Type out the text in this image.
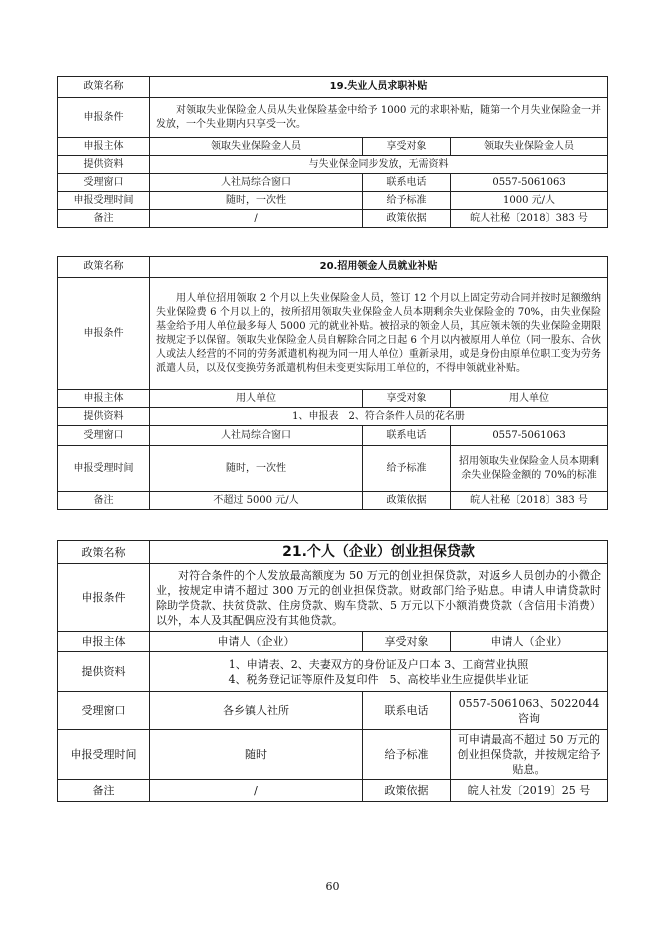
政策名称	19.失业人员求职补贴		
申报条件	对领取失业保险金人员从失业保险基金中给予 1000 元的求职补贴，随第一个月失业保险金一并发放，一个失业期内只享受一次。		
申报主体	领取失业保险金人员	享受对象	领取失业保险金人员
提供资料	与失业保金同步发放，无需资料		
受理窗口	人社局综合窗口	联系电话	0557-5061063
申报受理时间	随时，一次性	给予标准	1000 元/人
备注	/	政策依据	皖人社秘〔2018〕383 号
政策名称	20.招用领金人员就业补贴		
申报条件	用人单位招用领取 2 个月以上失业保险金人员，签订 12 个月以上固定劳动合同并按时足额缴纳失业保险费 6 个月以上的，按所招用领取失业保险金人员本期剩余失业保险金的 70%，由失业保险基金给予用人单位最多每人 5000 元的就业补贴。被招录的领金人员，其应领未领的失业保险金期限按规定予以保留。领取失业保险金人员自解除合同之日起 6 个月以内被原用人单位（同一股东、合伙人或法人经营的不同的劳务派遣机构视为同一用人单位）重新录用，或是身份由原单位职工变为劳务派遣人员，以及仅变换劳务派遣机构但未变更实际用工单位的，不得申领就业补贴。		
申报主体	用人单位	享受对象	用人单位
提供资料	1、申报表　2、符合条件人员的花名册		
受理窗口	人社局综合窗口	联系电话	0557-5061063
申报受理时间	随时，一次性	给予标准	招用领取失业保险金人员本期剩余失业保险金额的 70%的标准
备注	不超过 5000 元/人	政策依据	皖人社秘〔2018〕383 号
政策名称	21.个人（企业）创业担保贷款		
申报条件	对符合条件的个人发放最高额度为 50 万元的创业担保贷款，对返乡人员创办的小微企业，按规定申请不超过 300 万元的创业担保贷款。财政部门给予贴息。申请人申请贷款时除助学贷款、扶贫贷款、住房贷款、购车贷款、5 万元以下小额消费贷款（含信用卡消费）以外，本人及其配偶应没有其他贷款。		
申报主体	申请人（企业）	享受对象	申请人（企业）
提供资料	1、申请表、2、夫妻双方的身份证及户口本 3、工商营业执照
4、税务登记证等原件及复印件　5、高校毕业生应提供毕业证		

受理窗口	各乡镇人社所	联系电话	0557-5061063、5022044 咨询
申报受理时间	随时	给予标准	可申请最高不超过 50 万元的创业担保贷款，并按规定给予贴息。
备注	/	政策依据	皖人社发〔2019〕25 号
60
